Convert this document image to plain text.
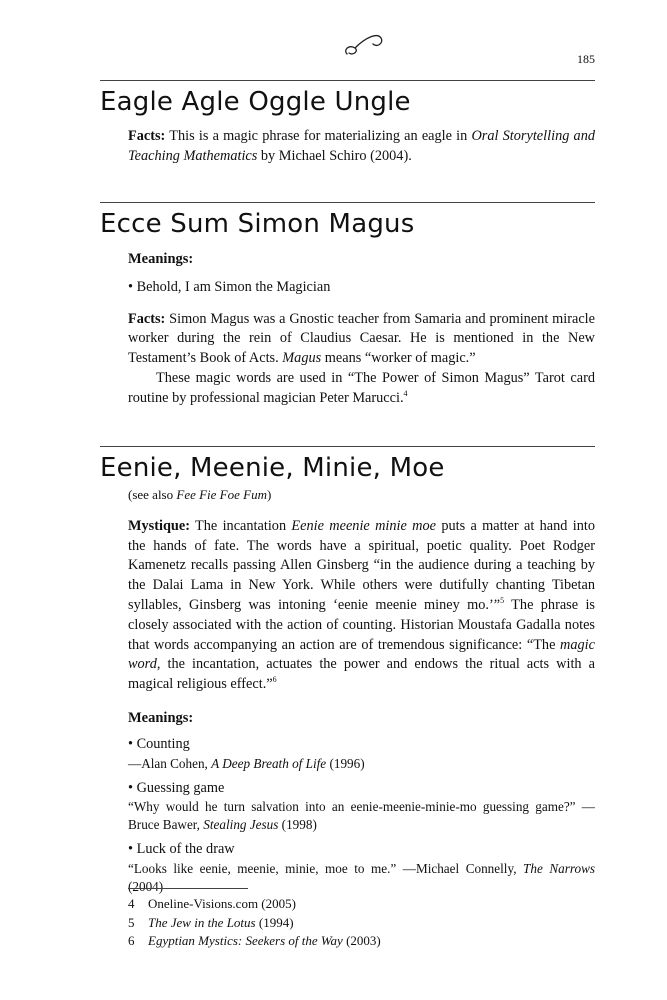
185
Eagle Agle Oggle Ungle

Facts: This is a magic phrase for materializing an eagle in Oral Storytelling and Teaching Mathematics by Michael Schiro (2004).

Ecce Sum Simon Magus

Meanings:

• Behold, I am Simon the Magician

Facts: Simon Magus was a Gnostic teacher from Samaria and prominent miracle worker during the rein of Claudius Caesar. He is mentioned in the New Testament’s Book of Acts. Magus means “worker of magic.”

These magic words are used in “The Power of Simon Magus” Tarot card routine by professional magician Peter Marucci.$^4$

Eenie, Meenie, Minie, Moe

(see also Fee Fie Foe Fum)

Mystique: The incantation Eenie meenie minie moe puts a matter at hand into the hands of fate. The words have a spiritual, poetic quality. Poet Rodger Kamenetz recalls passing Allen Ginsberg “in the audience during a teaching by the Dalai Lama in New York. While others were dutifully chanting Tibetan syllables, Ginsberg was intoning ‘eenie meenie miney mo.’”$^5$ The phrase is closely associated with the action of counting. Historian Moustafa Gadalla notes that words accompanying an action are of tremendous significance: “The magic word, the incantation, actuates the power and endows the ritual acts with a magical religious effect.”$^6$

Meanings:

• Counting

—Alan Cohen, A Deep Breath of Life (1996)

• Guessing game

“Why would he turn salvation into an eenie-meenie-minie-mo guessing game?” —Bruce Bawer, Stealing Jesus (1998)

• Luck of the draw

“Looks like eenie, meenie, minie, moe to me.” —Michael Connelly, The Narrows (2004)

4 Oneline-Visions.com (2005)
5 The Jew in the Lotus (1994)
6 Egyptian Mystics: Seekers of the Way (2003)
